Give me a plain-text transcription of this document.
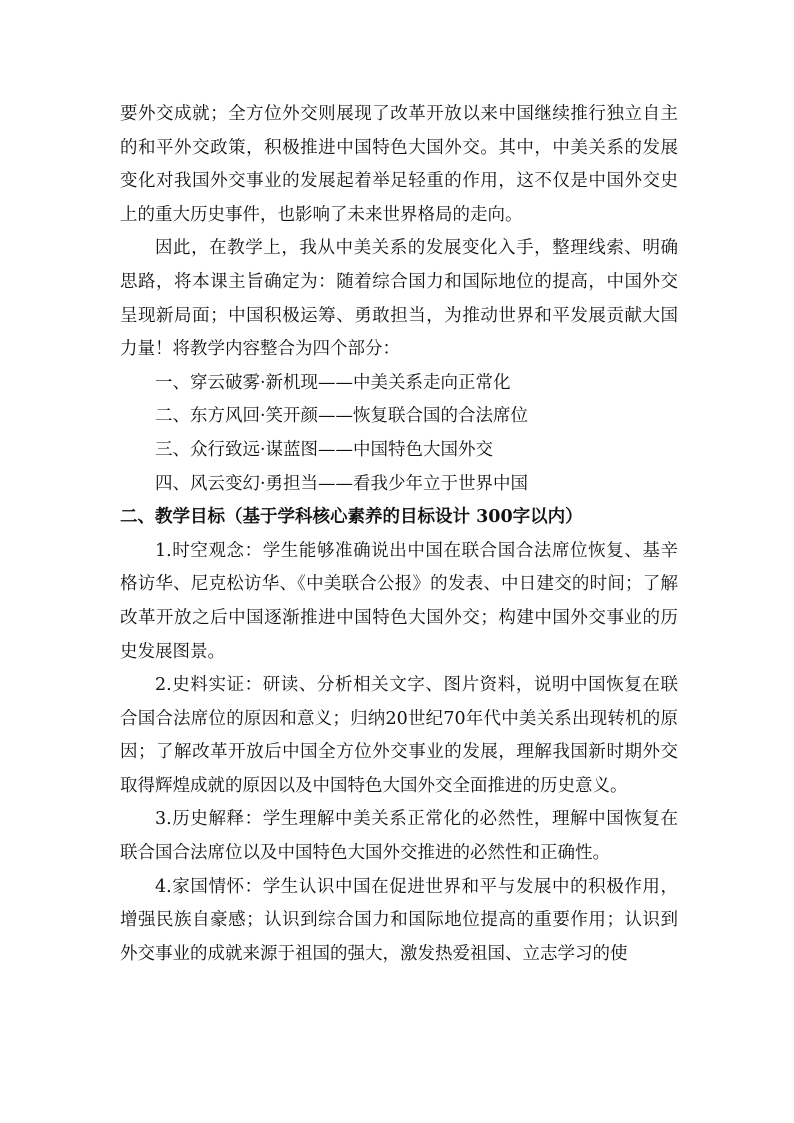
要外交成就；全方位外交则展现了改革开放以来中国继续推行独立自主的和平外交政策，积极推进中国特色大国外交。其中，中美关系的发展变化对我国外交事业的发展起着举足轻重的作用，这不仅是中国外交史上的重大历史事件，也影响了未来世界格局的走向。

因此，在教学上，我从中美关系的发展变化入手，整理线索、明确思路，将本课主旨确定为：随着综合国力和国际地位的提高，中国外交呈现新局面；中国积极运筹、勇敢担当，为推动世界和平发展贡献大国力量！将教学内容整合为四个部分：

一、穿云破雾·新机现——中美关系走向正常化

二、东方风回·笑开颜——恢复联合国的合法席位

三、众行致远·谋蓝图——中国特色大国外交

四、风云变幻·勇担当——看我少年立于世界中国

二、教学目标（基于学科核心素养的目标设计 300字以内）

1.时空观念：学生能够准确说出中国在联合国合法席位恢复、基辛格访华、尼克松访华、《中美联合公报》的发表、中日建交的时间；了解改革开放之后中国逐渐推进中国特色大国外交；构建中国外交事业的历史发展图景。

2.史料实证：研读、分析相关文字、图片资料，说明中国恢复在联合国合法席位的原因和意义；归纳20世纪70年代中美关系出现转机的原因；了解改革开放后中国全方位外交事业的发展，理解我国新时期外交取得辉煌成就的原因以及中国特色大国外交全面推进的历史意义。

3.历史解释：学生理解中美关系正常化的必然性，理解中国恢复在联合国合法席位以及中国特色大国外交推进的必然性和正确性。

4.家国情怀：学生认识中国在促进世界和平与发展中的积极作用，增强民族自豪感；认识到综合国力和国际地位提高的重要作用；认识到外交事业的成就来源于祖国的强大，激发热爱祖国、立志学习的使
